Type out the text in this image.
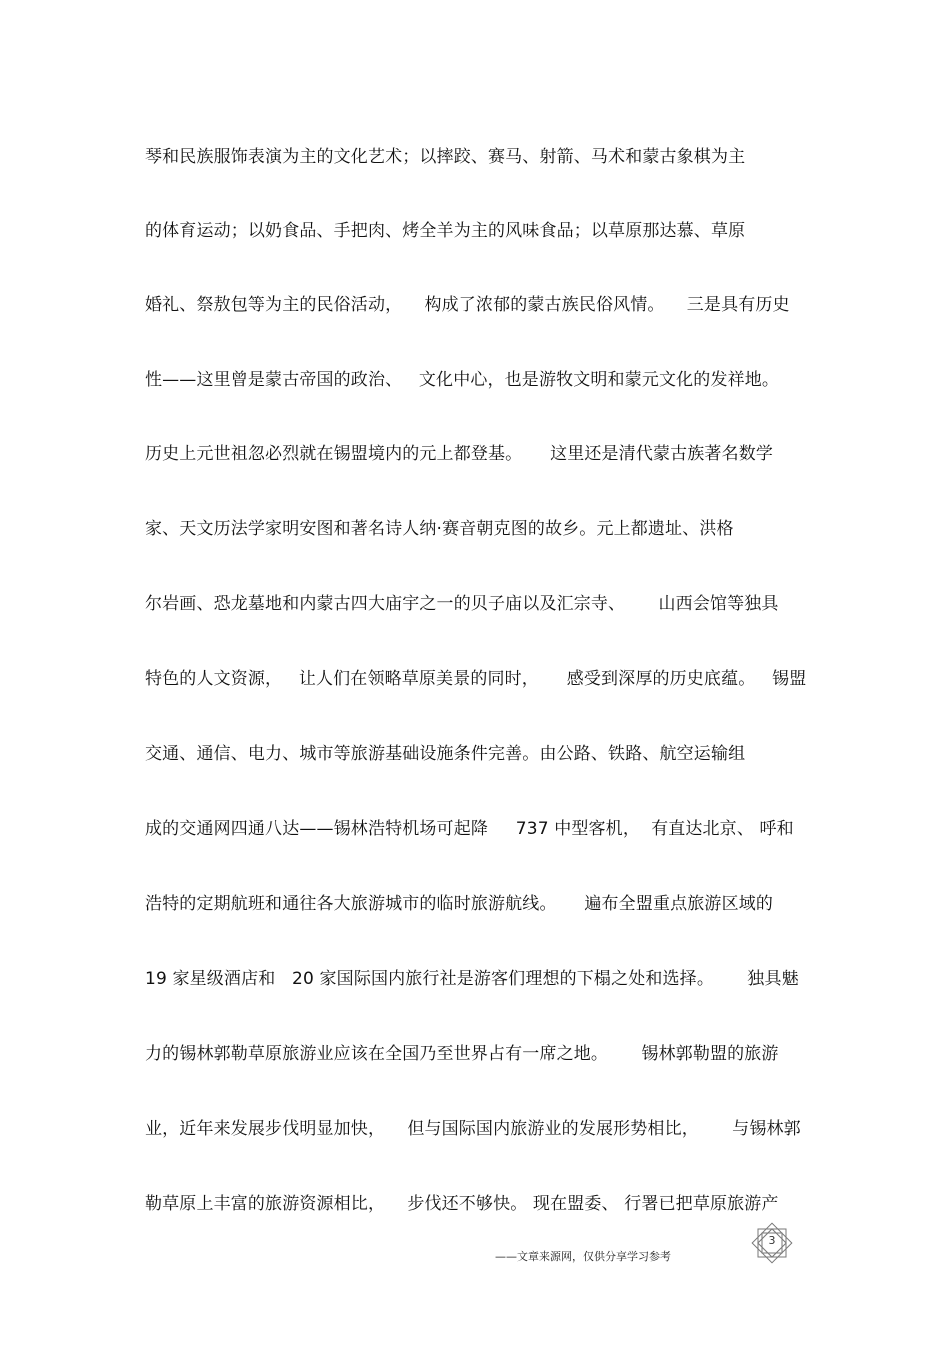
琴和民族服饰表演为主的文化艺术；以摔跤、赛马、射箭、马术和蒙古象棋为主
的体育运动；以奶食品、手把肉、烤全羊为主的风味食品；以草原那达慕、草原
婚礼、祭敖包等为主的民俗活动，    构成了浓郁的蒙古族民俗风情。    三是具有历史
性——这里曾是蒙古帝国的政治、   文化中心，也是游牧文明和蒙元文化的发祥地。
历史上元世祖忽必烈就在锡盟境内的元上都登基。     这里还是清代蒙古族著名数学
家、天文历法学家明安图和著名诗人纳·赛音朝克图的故乡。元上都遗址、洪格
尔岩画、恐龙墓地和内蒙古四大庙宇之一的贝子庙以及汇宗寺、      山西会馆等独具
特色的人文资源，   让人们在领略草原美景的同时，     感受到深厚的历史底蕴。   锡盟
交通、通信、电力、城市等旅游基础设施条件完善。由公路、铁路、航空运输组
成的交通网四通八达——锡林浩特机场可起降     737 中型客机，  有直达北京、 呼和
浩特的定期航班和通往各大旅游城市的临时旅游航线。     遍布全盟重点旅游区域的
19 家星级酒店和   20 家国际国内旅行社是游客们理想的下榻之处和选择。      独具魅
力的锡林郭勒草原旅游业应该在全国乃至世界占有一席之地。      锡林郭勒盟的旅游
业，近年来发展步伐明显加快，    但与国际国内旅游业的发展形势相比，      与锡林郭
勒草原上丰富的旅游资源相比，    步伐还不够快。 现在盟委、 行署已把草原旅游产
——文章来源网，仅供分享学习参考
3
